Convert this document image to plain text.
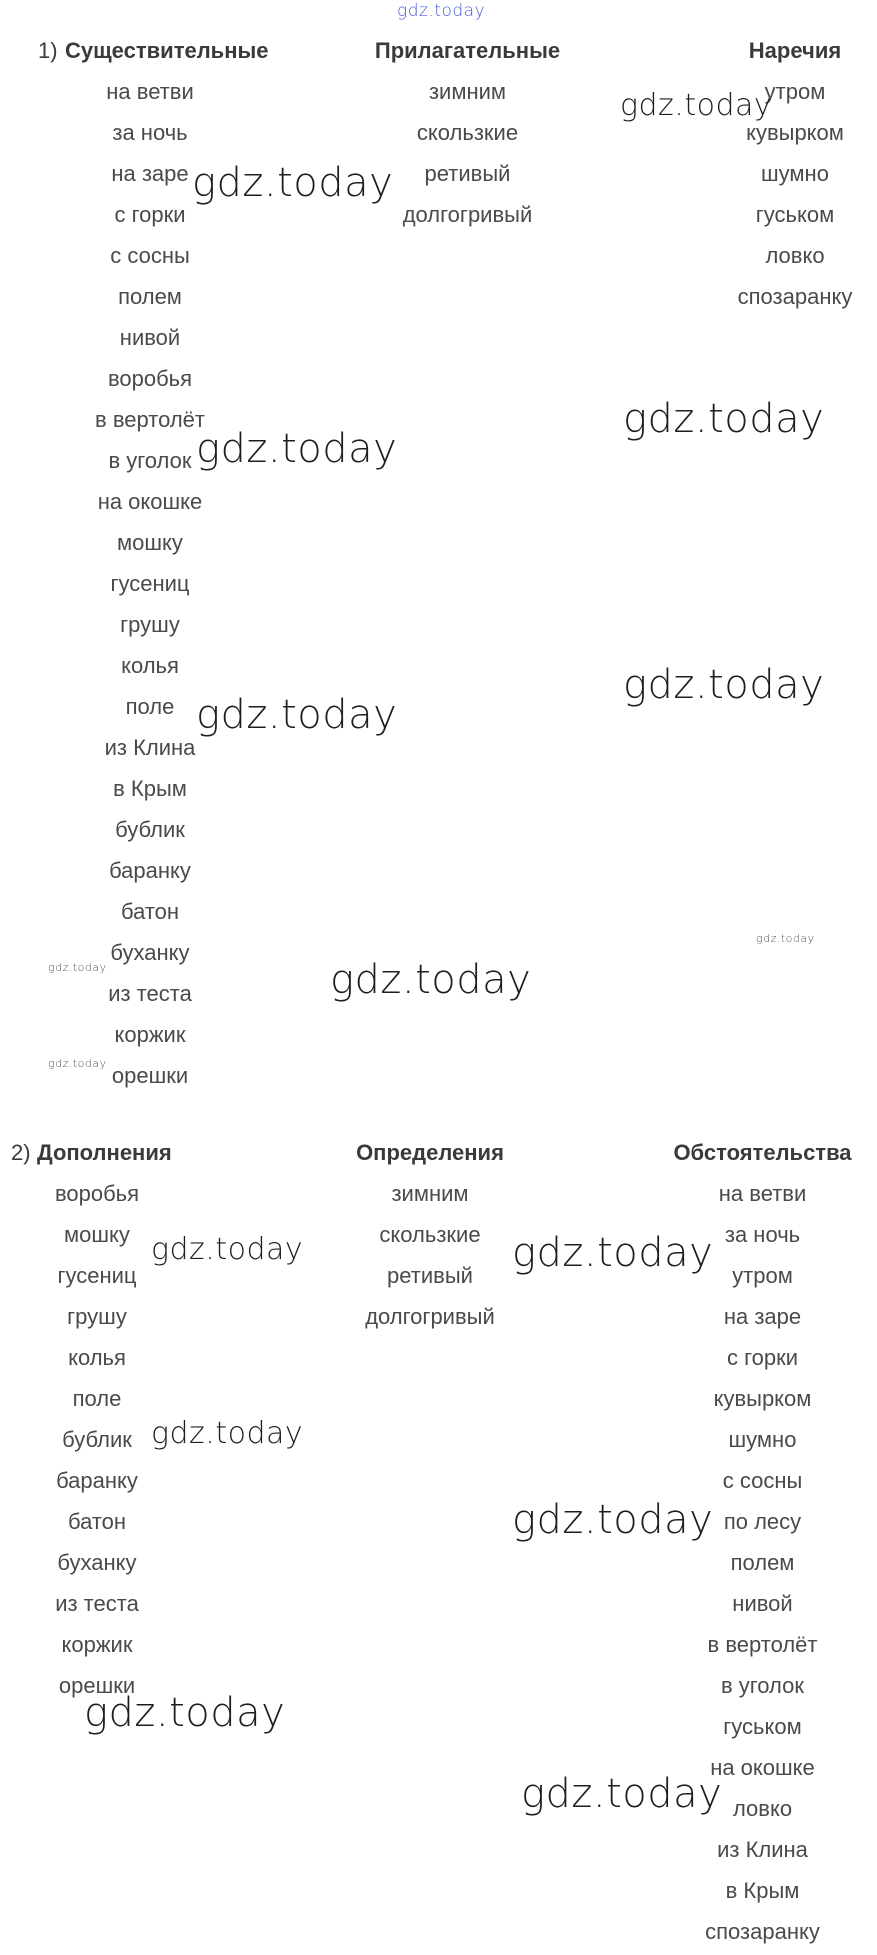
1) Существительные
на ветви
за ночь
на заре
с горки
с сосны
полем
нивой
воробья
в вертолёт
в уголок
на окошке
мошку
гусениц
грушу
колья
поле
из Клина
в Крым
бублик
баранку
батон
буханку
из теста
коржик
орешки
Прилагательные
зимним
скользкие
ретивый
долгогривый
Наречия
утром
кувырком
шумно
гуськом
ловко
спозаранку
2) Дополнения
воробья
мошку
гусениц
грушу
колья
поле
бублик
баранку
батон
буханку
из теста
коржик
орешки
Определения
зимним
скользкие
ретивый
долгогривый
Обстоятельства
на ветви
за ночь
утром
на заре
с горки
кувырком
шумно
с сосны
по лесу
полем
нивой
в вертолёт
в уголок
гуськом
на окошке
ловко
из Клина
в Крым
спозаранку
gdz.today
gdz.today
gdz.today
gdz.today
gdz.today
gdz.today
gdz.today
gdz.today
gdz.today	gdz.today
gdz.today
gdz.today	gdz.today
gdz.today
gdz.today
gdz.today
gdz.today
